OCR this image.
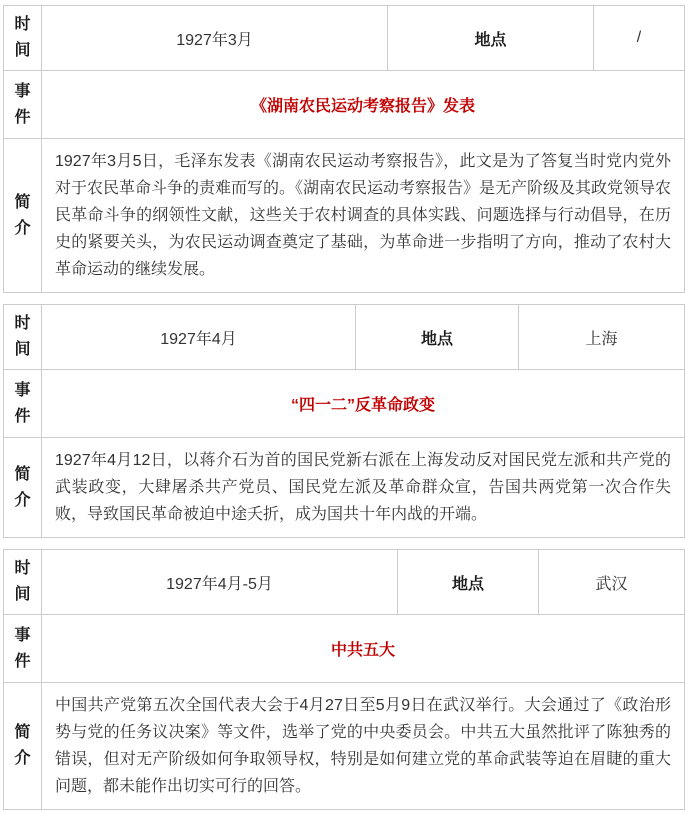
时间	1927年3月	地点	/
事件	《湖南农民运动考察报告》发表		
简介	1927年3月5日，毛泽东发表《湖南农民运动考察报告》，此文是为了答复当时党内党外对于农民革命斗争的责难而写的。《湖南农民运动考察报告》是无产阶级及其政党领导农民革命斗争的纲领性文献，这些关于农村调查的具体实践、问题选择与行动倡导，在历史的紧要关头，为农民运动调查奠定了基础，为革命进一步指明了方向，推动了农村大革命运动的继续发展。		
时间	1927年4月	地点	上海
事件	“四一二”反革命政变		
简介	1927年4月12日，以蒋介石为首的国民党新右派在上海发动反对国民党左派和共产党的武装政变，大肆屠杀共产党员、国民党左派及革命群众宣，告国共两党第一次合作失败，导致国民革命被迫中途夭折，成为国共十年内战的开端。		
时间	1927年4月-5月	地点	武汉
事件	中共五大		
简介	中国共产党第五次全国代表大会于4月27日至5月9日在武汉举行。大会通过了《政治形势与党的任务议决案》等文件，选举了党的中央委员会。中共五大虽然批评了陈独秀的错误，但对无产阶级如何争取领导权，特别是如何建立党的革命武装等迫在眉睫的重大问题，都未能作出切实可行的回答。		
